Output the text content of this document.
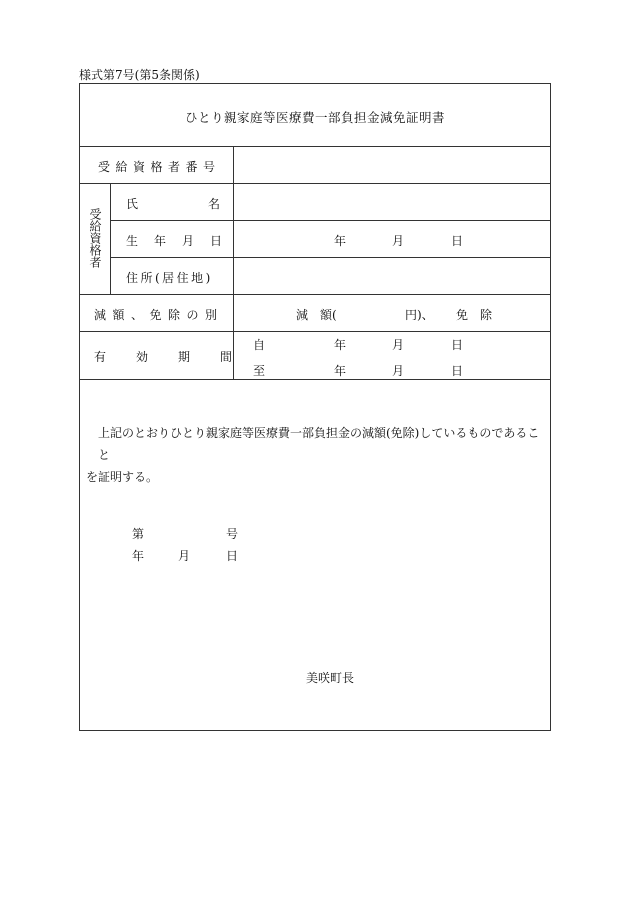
様式第7号(第5条関係)
ひとり親家庭等医療費一部負担金減免証明書
受給資格者番号
受給資格者
氏名
生年月日	年	月	日
住所(居住地)
減額、免除の別	減　額(	円)、 免　除
有効期間
自	年	月	日
至	年	月	日
上記のとおりひとり親家庭等医療費一部負担金の減額(免除)しているものであること
を証明する。
第	号
年	月	日
美咲町長
